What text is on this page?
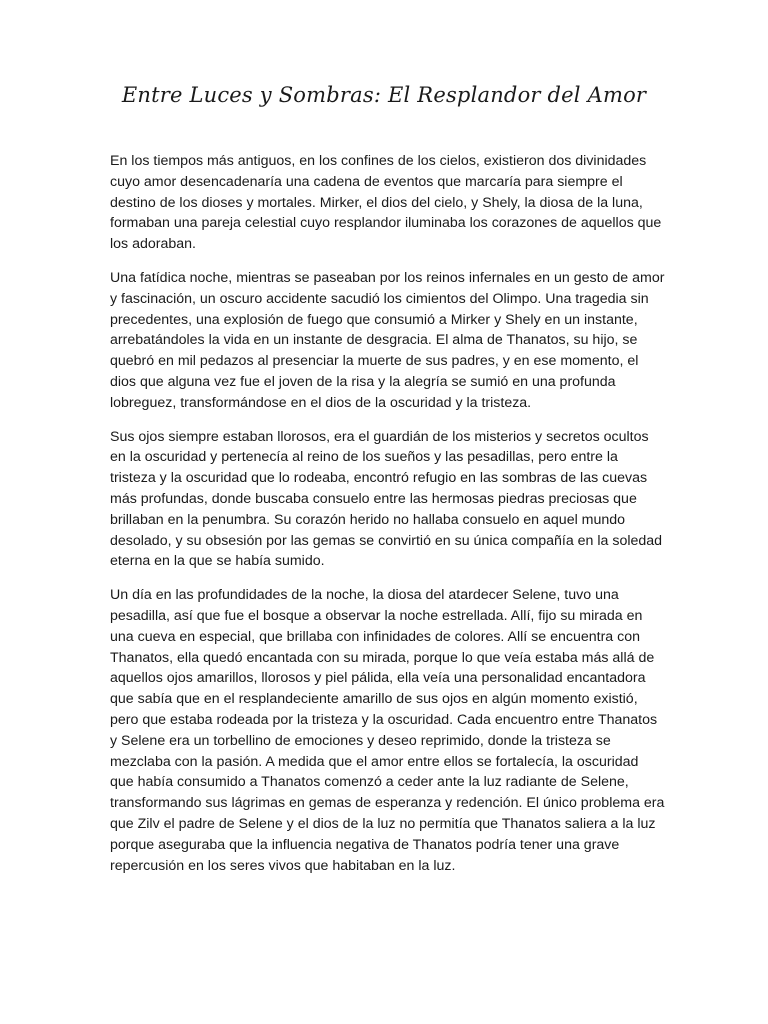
Entre Luces y Sombras: El Resplandor del Amor

En los tiempos más antiguos, en los confines de los cielos, existieron dos divinidades cuyo amor desencadenaría una cadena de eventos que marcaría para siempre el destino de los dioses y mortales. Mirker, el dios del cielo, y Shely, la diosa de la luna, formaban una pareja celestial cuyo resplandor iluminaba los corazones de aquellos que los adoraban.

Una fatídica noche, mientras se paseaban por los reinos infernales en un gesto de amor y fascinación, un oscuro accidente sacudió los cimientos del Olimpo. Una tragedia sin precedentes, una explosión de fuego que consumió a Mirker y Shely en un instante, arrebatándoles la vida en un instante de desgracia. El alma de Thanatos, su hijo, se quebró en mil pedazos al presenciar la muerte de sus padres, y en ese momento, el dios que alguna vez fue el joven de la risa y la alegría se sumió en una profunda lobreguez, transformándose en el dios de la oscuridad y la tristeza.

Sus ojos siempre estaban llorosos, era el guardián de los misterios y secretos ocultos en la oscuridad y pertenecía al reino de los sueños y las pesadillas, pero entre la tristeza y la oscuridad que lo rodeaba, encontró refugio en las sombras de las cuevas más profundas, donde buscaba consuelo entre las hermosas piedras preciosas que brillaban en la penumbra. Su corazón herido no hallaba consuelo en aquel mundo desolado, y su obsesión por las gemas se convirtió en su única compañía en la soledad eterna en la que se había sumido.

Un día en las profundidades de la noche, la diosa del atardecer Selene, tuvo una pesadilla, así que fue el bosque a observar la noche estrellada. Allí, fijo su mirada en una cueva en especial, que brillaba con infinidades de colores. Allí se encuentra con Thanatos, ella quedó encantada con su mirada, porque lo que veía estaba más allá de aquellos ojos amarillos, llorosos y piel pálida, ella veía una personalidad encantadora que sabía que en el resplandeciente amarillo de sus ojos en algún momento existió, pero que estaba rodeada por la tristeza y la oscuridad. Cada encuentro entre Thanatos y Selene era un torbellino de emociones y deseo reprimido, donde la tristeza se mezclaba con la pasión. A medida que el amor entre ellos se fortalecía, la oscuridad que había consumido a Thanatos comenzó a ceder ante la luz radiante de Selene, transformando sus lágrimas en gemas de esperanza y redención. El único problema era que Zilv el padre de Selene y el dios de la luz no permitía que Thanatos saliera a la luz porque aseguraba que la influencia negativa de Thanatos podría tener una grave repercusión en los seres vivos que habitaban en la luz.
